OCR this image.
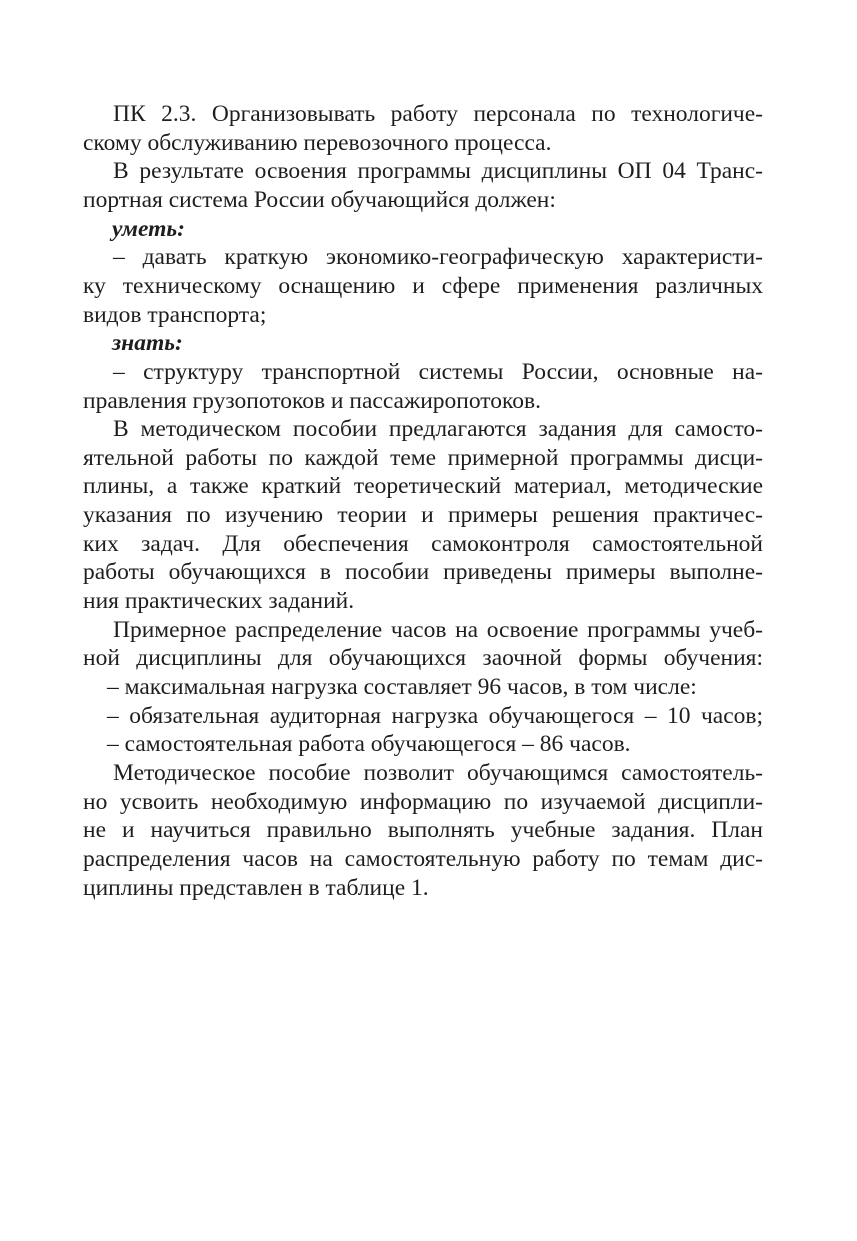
ПК 2.3. Организовывать работу персонала по технологиче-
скому обслуживанию перевозочного процесса.
В результате освоения программы дисциплины ОП 04 Транс-
портная система России обучающийся должен:
уметь:
– давать краткую экономико-географическую характеристи-
ку техническому оснащению и сфере применения различных
видов транспорта;
знать:
– структуру транспортной системы России, основные на-
правления грузопотоков и пассажиропотоков.
В методическом пособии предлагаются задания для самосто-
ятельной работы по каждой теме примерной программы дисци-
плины, а также краткий теоретический материал, методические
указания по изучению теории и примеры решения практичес-
ких задач. Для обеспечения самоконтроля самостоятельной
работы обучающихся в пособии приведены примеры выполне-
ния практических заданий.
Примерное распределение часов на освоение программы учеб-
ной дисциплины для обучающихся заочной формы обучения:
– максимальная нагрузка составляет 96 часов, в том числе:
– обязательная аудиторная нагрузка обучающегося – 10 часов;
– самостоятельная работа обучающегося – 86 часов.
Методическое пособие позволит обучающимся самостоятель-
но усвоить необходимую информацию по изучаемой дисципли-
не и научиться правильно выполнять учебные задания. План
распределения часов на самостоятельную работу по темам дис-
циплины представлен в таблице 1.
